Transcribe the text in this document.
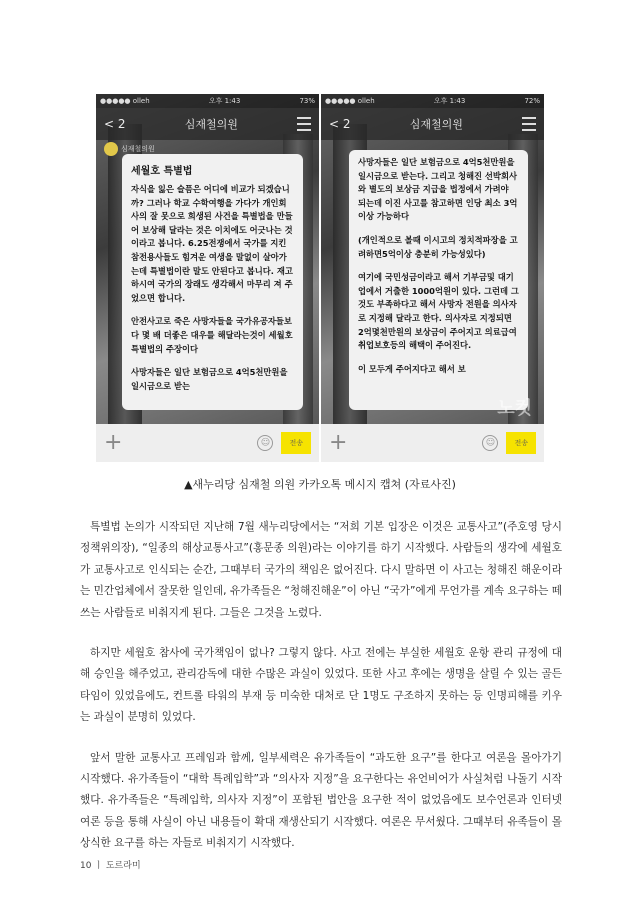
●●●●● olleh	오후 1:43	73%
< 2	심재철의원
심재철의원
세월호 특별법

자식을 잃은 슬픔은 어디에 비교가 되겠습니까? 그러나 학교 수학여행을 가다가 개인회사의 잘 못으로 희생된 사건을 특별법을 만들어 보상해 달라는 것은 이치에도 어긋나는 것이라고 봅니다. 6.25전쟁에서 국가를 지킨 참전용사들도 힘겨운 여생을 말없이 살아가는데 특별법이란 말도 안된다고 봅니다. 재고하시여 국가의 장래도 생각해서 마무리 져 주었으면 합니다.

안전사고로 죽은 사망자들을 국가유공자들보다 몇 배 더좋은 대우를 해달라는것이 세월호 특별법의 주장이다

사망자들은 일단 보험금으로 4억5천만원을 일시금으로 받는

+	☺	전송
●●●●● olleh	오후 1:43	72%
< 2	심재철의원

사망자들은 일단 보험금으로 4억5천만원을 일시금으로 받는다. 그리고 청해진 선박회사와 별도의 보상금 지급을 법정에서 가려야 되는데 이진 사고를 참고하면 인당 최소 3억 이상 가능하다

(개인적으로 볼때 이시고의 정치적파장을 고려하면5억이상 충분히 가능성있다)

여기에 국민성금이라고 해서 기부금및 대기업에서 거출한 1000억원이 있다. 그런데 그것도 부족하다고 해서 사망자 전원을 의사자로 지정해 달라고 한다. 의사자로 지정되면 2억몇천만원의 보상금이 주어지고 의료급여 취업보호등의 해택이 주어진다.

이 모두게 주어지다고 해서 보

노컷
+	☺	전송
▲새누리당 심재철 의원 카카오톡 메시지 캡쳐 (자료사진)

특별법 논의가 시작되던 지난해 7월 새누리당에서는 “저희 기본 입장은 이것은 교통사고”(주호영 당시 정책위의장), “일종의 해상교통사고”(홍문종 의원)라는 이야기를 하기 시작했다. 사람들의 생각에 세월호가 교통사고로 인식되는 순간, 그때부터 국가의 책임은 없어진다. 다시 말하면 이 사고는 청해진 해운이라는 민간업체에서 잘못한 일인데, 유가족들은 “청해진해운”이 아닌 “국가”에게 무언가를 계속 요구하는 떼쓰는 사람들로 비춰지게 된다. 그들은 그것을 노렸다.

하지만 세월호 참사에 국가책임이 없나? 그렇지 않다. 사고 전에는 부실한 세월호 운항 관리 규정에 대해 승인을 해주었고, 관리감독에 대한 수많은 과실이 있었다. 또한 사고 후에는 생명을 살릴 수 있는 골든타임이 있었음에도, 컨트롤 타워의 부재 등 미숙한 대처로 단 1명도 구조하지 못하는 등 인명피해를 키우는 과실이 분명히 있었다.

앞서 말한 교통사고 프레임과 함께, 일부세력은 유가족들이 “과도한 요구”를 한다고 여론을 몰아가기 시작했다. 유가족들이 “대학 특례입학”과 “의사자 지정”을 요구한다는 유언비어가 사실처럼 나돌기 시작했다. 유가족들은 “특례입학, 의사자 지정”이 포함된 법안을 요구한 적이 없었음에도 보수언론과 인터넷 여론 등을 통해 사실이 아닌 내용들이 확대 재생산되기 시작했다. 여론은 무서웠다. 그때부터 유족들이 몰상식한 요구를 하는 자들로 비춰지기 시작했다.

10 ㅣ 도르라미
